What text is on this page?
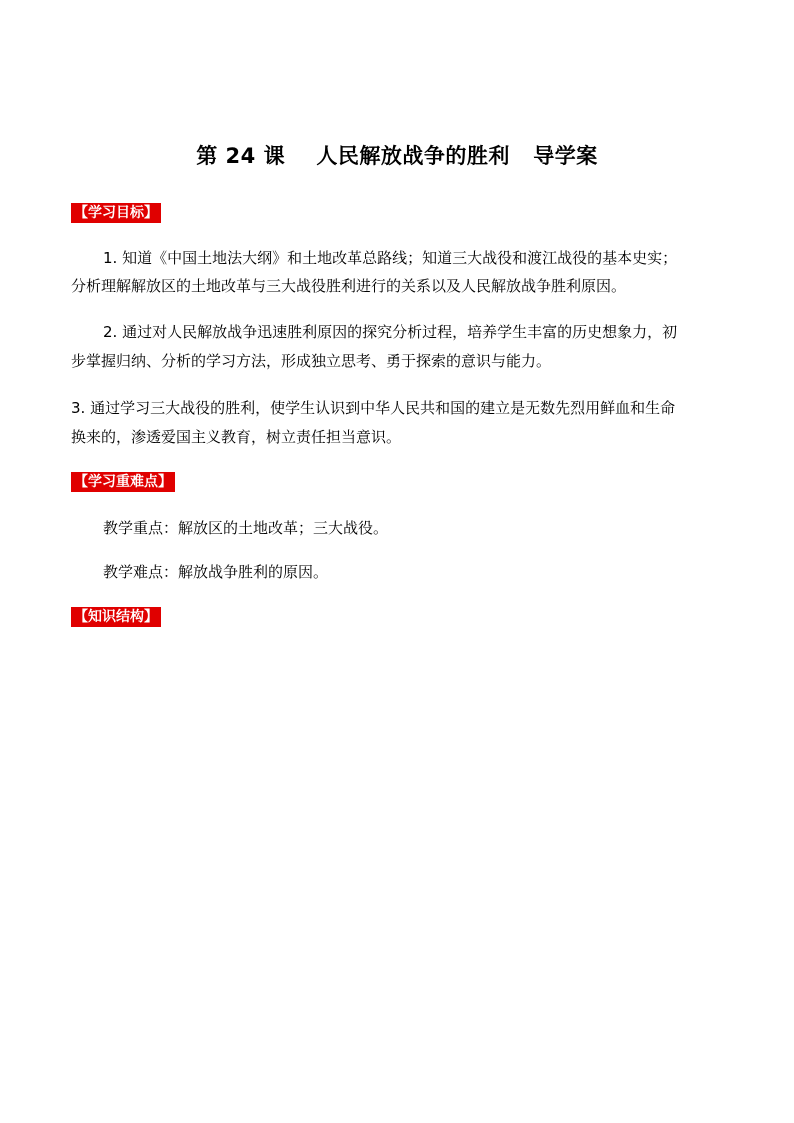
第 24 课    人民解放战争的胜利   导学案
【学习目标】
1. 知道《中国土地法大纲》和土地改革总路线；知道三大战役和渡江战役的基本史实；
分析理解解放区的土地改革与三大战役胜利进行的关系以及人民解放战争胜利原因。
2. 通过对人民解放战争迅速胜利原因的探究分析过程，培养学生丰富的历史想象力，初
步掌握归纳、分析的学习方法，形成独立思考、勇于探索的意识与能力。
3. 通过学习三大战役的胜利，使学生认识到中华人民共和国的建立是无数先烈用鲜血和生命
换来的，渗透爱国主义教育，树立责任担当意识。
【学习重难点】
教学重点：解放区的土地改革；三大战役。
教学难点：解放战争胜利的原因。
【知识结构】
